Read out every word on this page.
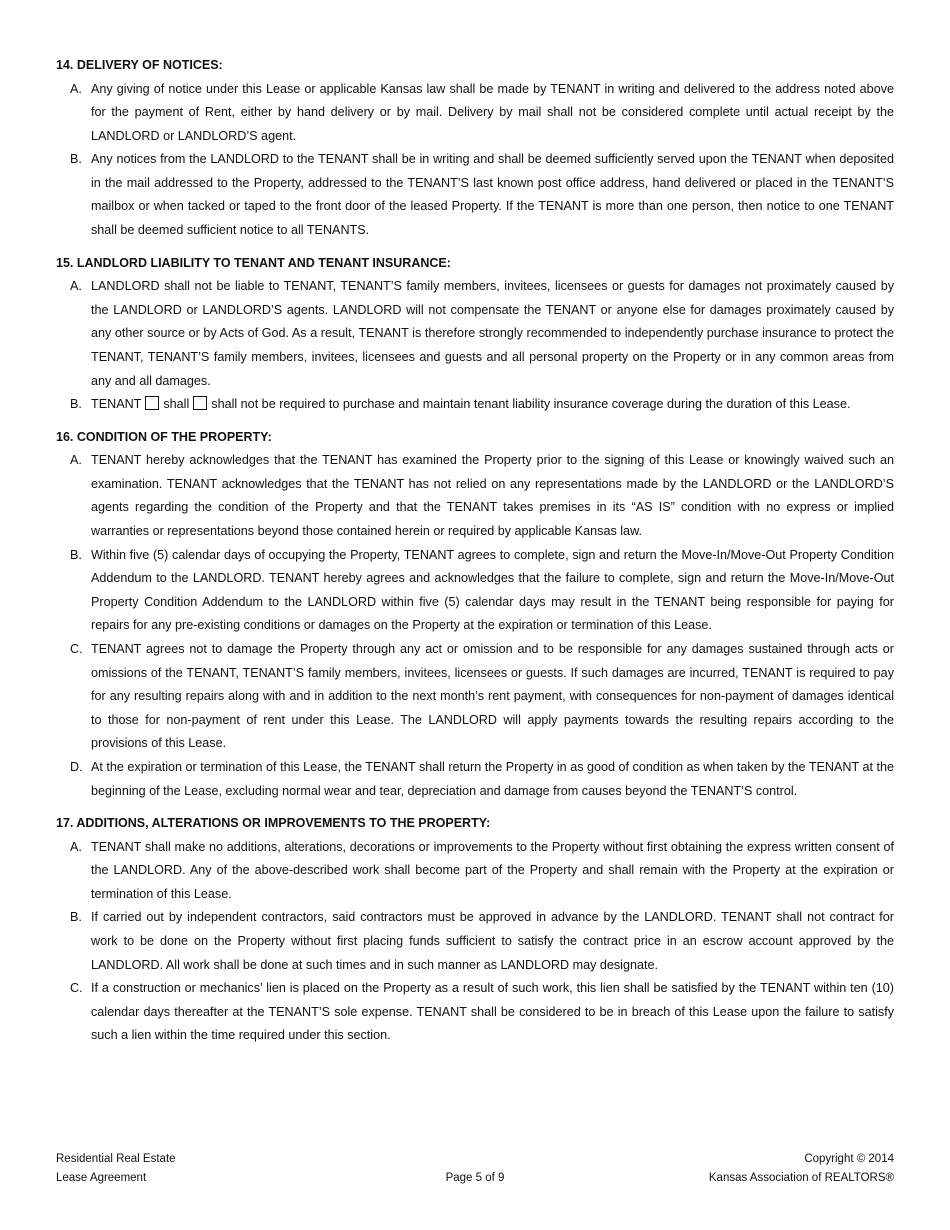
14. DELIVERY OF NOTICES:

A. Any giving of notice under this Lease or applicable Kansas law shall be made by TENANT in writing and delivered to the address noted above for the payment of Rent, either by hand delivery or by mail. Delivery by mail shall not be considered complete until actual receipt by the LANDLORD or LANDLORD’S agent.
B. Any notices from the LANDLORD to the TENANT shall be in writing and shall be deemed sufficiently served upon the TENANT when deposited in the mail addressed to the Property, addressed to the TENANT’S last known post office address, hand delivered or placed in the TENANT’S mailbox or when tacked or taped to the front door of the leased Property. If the TENANT is more than one person, then notice to one TENANT shall be deemed sufficient notice to all TENANTS.

15. LANDLORD LIABILITY TO TENANT AND TENANT INSURANCE:

A. LANDLORD shall not be liable to TENANT, TENANT’S family members, invitees, licensees or guests for damages not proximately caused by the LANDLORD or LANDLORD’S agents. LANDLORD will not compensate the TENANT or anyone else for damages proximately caused by any other source or by Acts of God. As a result, TENANT is therefore strongly recommended to independently purchase insurance to protect the TENANT, TENANT’S family members, invitees, licensees and guests and all personal property on the Property or in any common areas from any and all damages.
B. TENANT shall shall not be required to purchase and maintain tenant liability insurance coverage during the duration of this Lease.

16. CONDITION OF THE PROPERTY:

A. TENANT hereby acknowledges that the TENANT has examined the Property prior to the signing of this Lease or knowingly waived such an examination. TENANT acknowledges that the TENANT has not relied on any representations made by the LANDLORD or the LANDLORD’S agents regarding the condition of the Property and that the TENANT takes premises in its “AS IS” condition with no express or implied warranties or representations beyond those contained herein or required by applicable Kansas law.
B. Within five (5) calendar days of occupying the Property, TENANT agrees to complete, sign and return the Move-In/Move-Out Property Condition Addendum to the LANDLORD. TENANT hereby agrees and acknowledges that the failure to complete, sign and return the Move-In/Move-Out Property Condition Addendum to the LANDLORD within five (5) calendar days may result in the TENANT being responsible for paying for repairs for any pre-existing conditions or damages on the Property at the expiration or termination of this Lease.
C. TENANT agrees not to damage the Property through any act or omission and to be responsible for any damages sustained through acts or omissions of the TENANT, TENANT’S family members, invitees, licensees or guests. If such damages are incurred, TENANT is required to pay for any resulting repairs along with and in addition to the next month’s rent payment, with consequences for non-payment of damages identical to those for non-payment of rent under this Lease. The LANDLORD will apply payments towards the resulting repairs according to the provisions of this Lease.
D. At the expiration or termination of this Lease, the TENANT shall return the Property in as good of condition as when taken by the TENANT at the beginning of the Lease, excluding normal wear and tear, depreciation and damage from causes beyond the TENANT’S control.

17. ADDITIONS, ALTERATIONS OR IMPROVEMENTS TO THE PROPERTY:

A. TENANT shall make no additions, alterations, decorations or improvements to the Property without first obtaining the express written consent of the LANDLORD. Any of the above-described work shall become part of the Property and shall remain with the Property at the expiration or termination of this Lease.
B. If carried out by independent contractors, said contractors must be approved in advance by the LANDLORD. TENANT shall not contract for work to be done on the Property without first placing funds sufficient to satisfy the contract price in an escrow account approved by the LANDLORD. All work shall be done at such times and in such manner as LANDLORD may designate.
C. If a construction or mechanics’ lien is placed on the Property as a result of such work, this lien shall be satisfied by the TENANT within ten (10) calendar days thereafter at the TENANT’S sole expense. TENANT shall be considered to be in breach of this Lease upon the failure to satisfy such a lien within the time required under this section.
Residential Real Estate
Lease Agreement	Page 5 of 9
Copyright © 2014
Kansas Association of REALTORS®
